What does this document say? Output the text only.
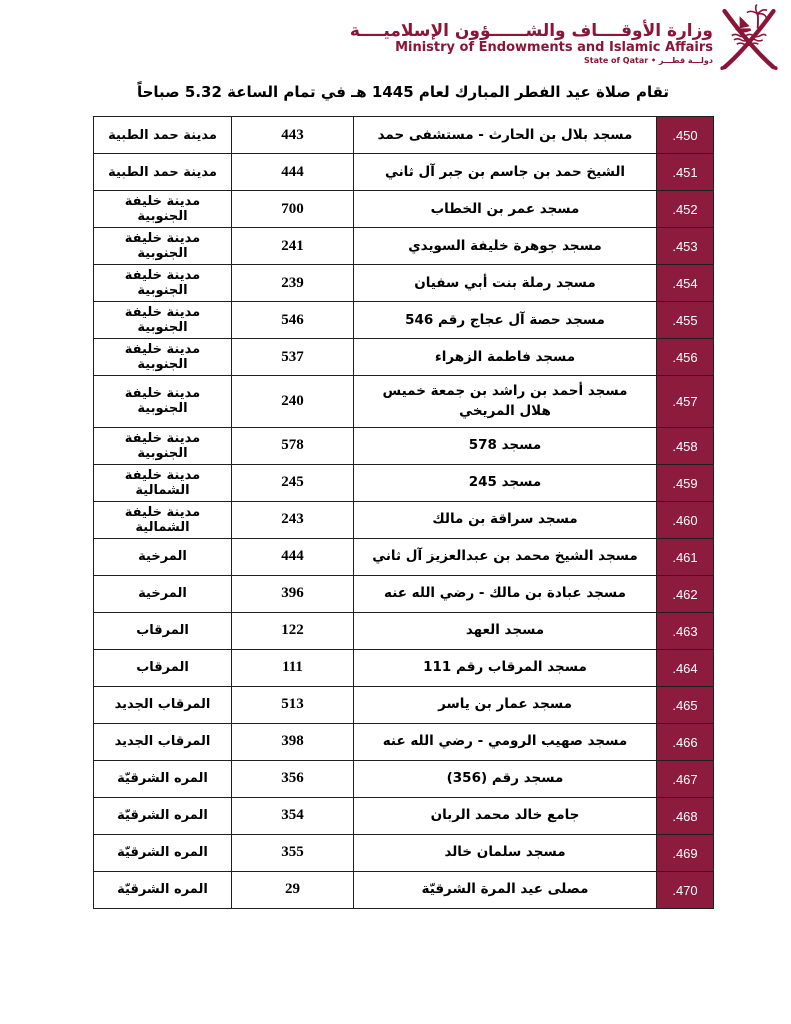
وزارة الأوقــــاف والشــــــؤون الإسلاميــــة
Ministry of Endowments and Islamic Affairs
دولـــة قطـــر • State of Qatar
تقام صلاة عيد الفطر المبارك لعام 1445 هـ في تمام الساعة 5.32 صباحاً
.450	مسجد بلال بن الحارث - مستشفى حمد	443	مدينة حمد الطبية
.451	الشيخ حمد بن جاسم بن جبر آل ثاني	444	مدينة حمد الطبية
.452	مسجد عمر بن الخطاب	700	مدينة خليفة الجنوبية
.453	مسجد جوهرة خليفة السويدي	241	مدينة خليفة الجنوبية
.454	مسجد رملة بنت أبي سفيان	239	مدينة خليفة الجنوبية
.455	مسجد حصة آل عجاج رقم 546	546	مدينة خليفة الجنوبية
.456	مسجد فاطمة الزهراء	537	مدينة خليفة الجنوبية
.457	مسجد أحمد بن راشد بن جمعة خميس هلال المريخي	240	مدينة خليفة الجنوبية
.458	مسجد 578	578	مدينة خليفة الجنوبية
.459	مسجد 245	245	مدينة خليفة الشمالية
.460	مسجد سراقة بن مالك	243	مدينة خليفة الشمالية
.461	مسجد الشيخ محمد بن عبدالعزيز آل ثاني	444	المرخية
.462	مسجد عبادة بن مالك - رضي الله عنه	396	المرخية
.463	مسجد العهد	122	المرقاب
.464	مسجد المرقاب رقم 111	111	المرقاب
.465	مسجد عمار بن ياسر	513	المرقاب الجديد
.466	مسجد صهيب الرومي - رضي الله عنه	398	المرقاب الجديد
.467	مسجد رقم (356)	356	المره الشرقيّة
.468	جامع خالد محمد الربان	354	المره الشرقيّة
.469	مسجد سلمان خالد	355	المره الشرقيّة
.470	مصلى عيد المرة الشرقيّة	29	المره الشرقيّة
